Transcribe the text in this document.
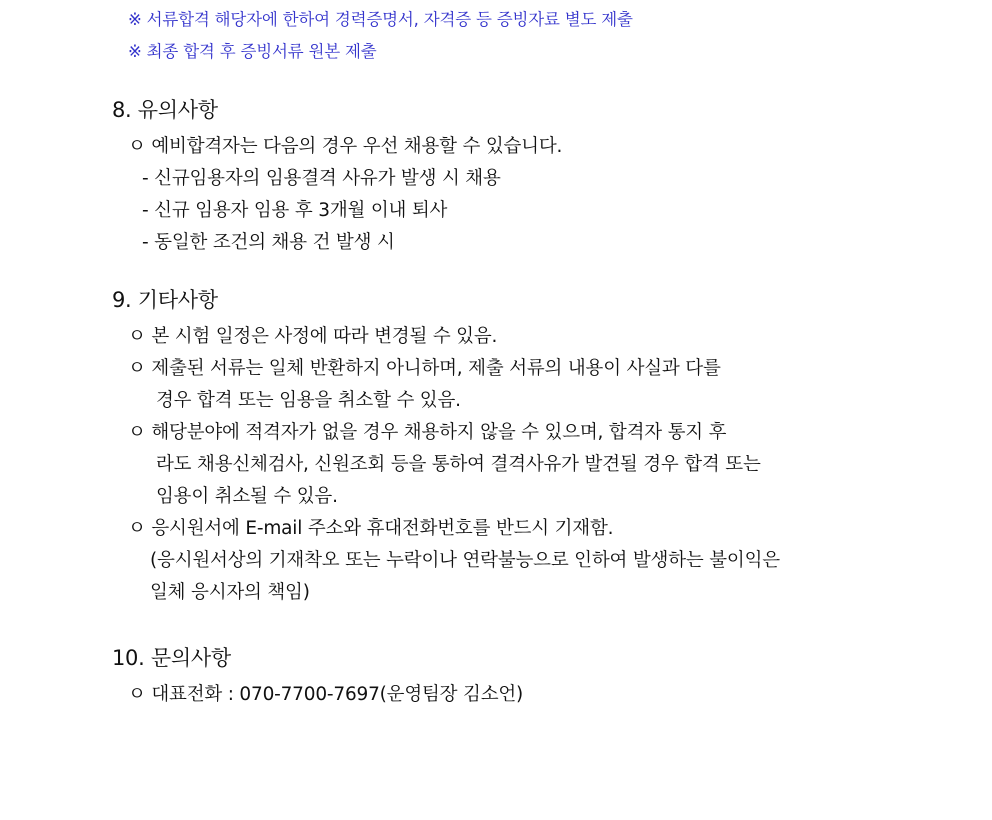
※ 서류합격 해당자에 한하여 경력증명서, 자격증 등 증빙자료 별도 제출
※ 최종 합격 후 증빙서류 원본 제출
8. 유의사항
ㅇ 예비합격자는 다음의 경우 우선 채용할 수 있습니다.
- 신규임용자의 임용결격 사유가 발생 시 채용
- 신규 임용자 임용 후 3개월 이내 퇴사
- 동일한 조건의 채용 건 발생 시
9. 기타사항
ㅇ 본 시험 일정은 사정에 따라 변경될 수 있음.
ㅇ 제출된 서류는 일체 반환하지 아니하며, 제출 서류의 내용이 사실과 다를
경우 합격 또는 임용을 취소할 수 있음.
ㅇ 해당분야에 적격자가 없을 경우 채용하지 않을 수 있으며, 합격자 통지 후
라도 채용신체검사, 신원조회 등을 통하여 결격사유가 발견될 경우 합격 또는
임용이 취소될 수 있음.
ㅇ 응시원서에 E-mail 주소와 휴대전화번호를 반드시 기재함.
(응시원서상의 기재착오 또는 누락이나 연락불능으로 인하여 발생하는 불이익은
일체 응시자의 책임)
10. 문의사항
ㅇ 대표전화 : 070-7700-7697(운영팀장 김소언)
